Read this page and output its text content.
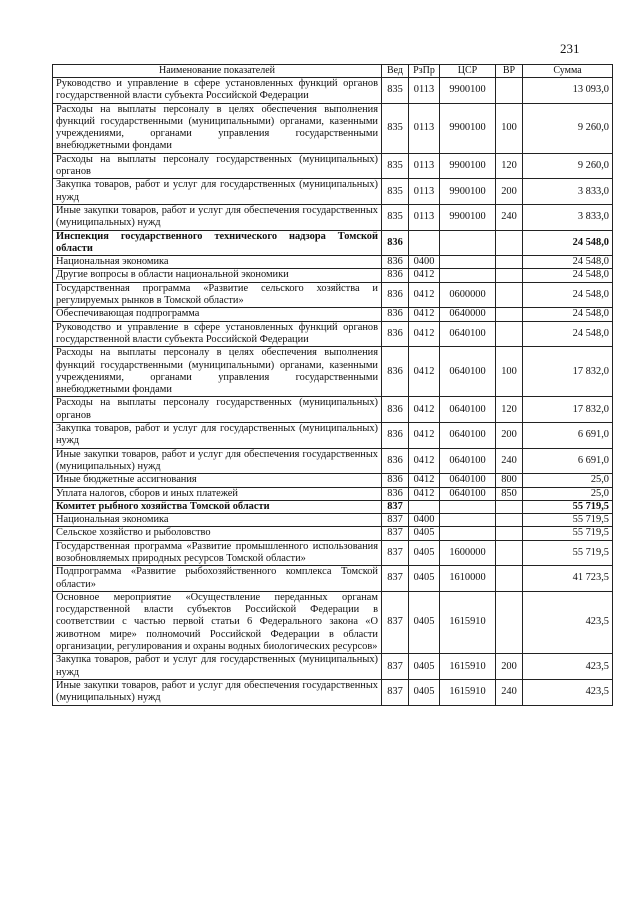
231
Наименование показателей	Вед	РзПр	ЦСР	ВР	Сумма
Руководство и управление в сфере установленных функций органов государственной власти субъекта Российской Федерации	835	0113	9900100		13 093,0
Расходы на выплаты персоналу в целях обеспечения выполнения функций государственными (муниципальными) органами, казенными учреждениями, органами управления государственными внебюджетными фондами	835	0113	9900100	100	9 260,0
Расходы на выплаты персоналу государственных (муниципальных) органов	835	0113	9900100	120	9 260,0
Закупка товаров, работ и услуг для государственных (муниципальных) нужд	835	0113	9900100	200	3 833,0
Иные закупки товаров, работ и услуг для обеспечения государственных (муниципальных) нужд	835	0113	9900100	240	3 833,0
Инспекция государственного технического надзора Томской области	836				24 548,0
Национальная экономика	836	0400			24 548,0
Другие вопросы в области национальной экономики	836	0412			24 548,0
Государственная программа «Развитие сельского хозяйства и регулируемых рынков в Томской области»	836	0412	0600000		24 548,0
Обеспечивающая подпрограмма	836	0412	0640000		24 548,0
Руководство и управление в сфере установленных функций органов государственной власти субъекта Российской Федерации	836	0412	0640100		24 548,0
Расходы на выплаты персоналу в целях обеспечения выполнения функций государственными (муниципальными) органами, казенными учреждениями, органами управления государственными внебюджетными фондами	836	0412	0640100	100	17 832,0
Расходы на выплаты персоналу государственных (муниципальных) органов	836	0412	0640100	120	17 832,0
Закупка товаров, работ и услуг для государственных (муниципальных) нужд	836	0412	0640100	200	6 691,0
Иные закупки товаров, работ и услуг для обеспечения государственных (муниципальных) нужд	836	0412	0640100	240	6 691,0
Иные бюджетные ассигнования	836	0412	0640100	800	25,0
Уплата налогов, сборов и иных платежей	836	0412	0640100	850	25,0
Комитет рыбного хозяйства Томской области	837				55 719,5
Национальная экономика	837	0400			55 719,5
Сельское хозяйство и рыболовство	837	0405			55 719,5
Государственная программа «Развитие промышленного использования возобновляемых природных ресурсов Томской области»	837	0405	1600000		55 719,5
Подпрограмма «Развитие рыбохозяйственного комплекса Томской области»	837	0405	1610000		41 723,5
Основное мероприятие «Осуществление переданных органам государственной власти субъектов Российской Федерации в соответствии с частью первой статьи 6 Федерального закона «О животном мире» полномочий Российской Федерации в области организации, регулирования и охраны водных биологических ресурсов»	837	0405	1615910		423,5
Закупка товаров, работ и услуг для государственных (муниципальных) нужд	837	0405	1615910	200	423,5
Иные закупки товаров, работ и услуг для обеспечения государственных (муниципальных) нужд	837	0405	1615910	240	423,5
